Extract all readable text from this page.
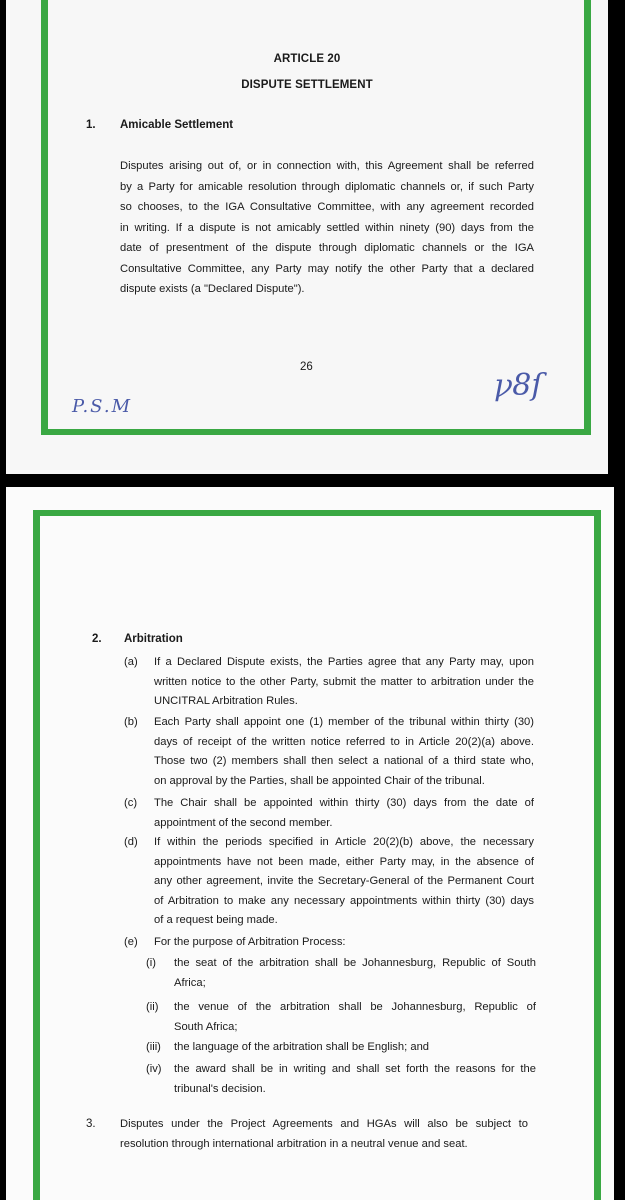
ARTICLE 20
DISPUTE SETTLEMENT
1. Amicable Settlement
Disputes arising out of, or in connection with, this Agreement shall be referred
by a Party for amicable resolution through diplomatic channels or, if such Party
so chooses, to the IGA Consultative Committee, with any agreement recorded
in writing. If a dispute is not amicably settled within ninety (90) days from the
date of presentment of the dispute through diplomatic channels or the IGA
Consultative Committee, any Party may notify the other Party that a declared
dispute exists (a "Declared Dispute").
26
P.S.M
ꝩ8ſ
2. Arbitration
(a) If a Declared Dispute exists, the Parties agree that any Party may, upon
written notice to the other Party, submit the matter to arbitration under the
UNCITRAL Arbitration Rules.
(b) Each Party shall appoint one (1) member of the tribunal within thirty (30)
days of receipt of the written notice referred to in Article 20(2)(a) above.
Those two (2) members shall then select a national of a third state who,
on approval by the Parties, shall be appointed Chair of the tribunal.
(c) The Chair shall be appointed within thirty (30) days from the date of
appointment of the second member.
(d) If within the periods specified in Article 20(2)(b) above, the necessary
appointments have not been made, either Party may, in the absence of
any other agreement, invite the Secretary-General of the Permanent Court
of Arbitration to make any necessary appointments within thirty (30) days
of a request being made.
(e) For the purpose of Arbitration Process:
(i) the seat of the arbitration shall be Johannesburg, Republic of South
Africa;
(ii) the venue of the arbitration shall be Johannesburg, Republic of
South Africa;
(iii) the language of the arbitration shall be English; and
(iv) the award shall be in writing and shall set forth the reasons for the
tribunal's decision.
3. Disputes under the Project Agreements and HGAs will also be subject to
resolution through international arbitration in a neutral venue and seat.
